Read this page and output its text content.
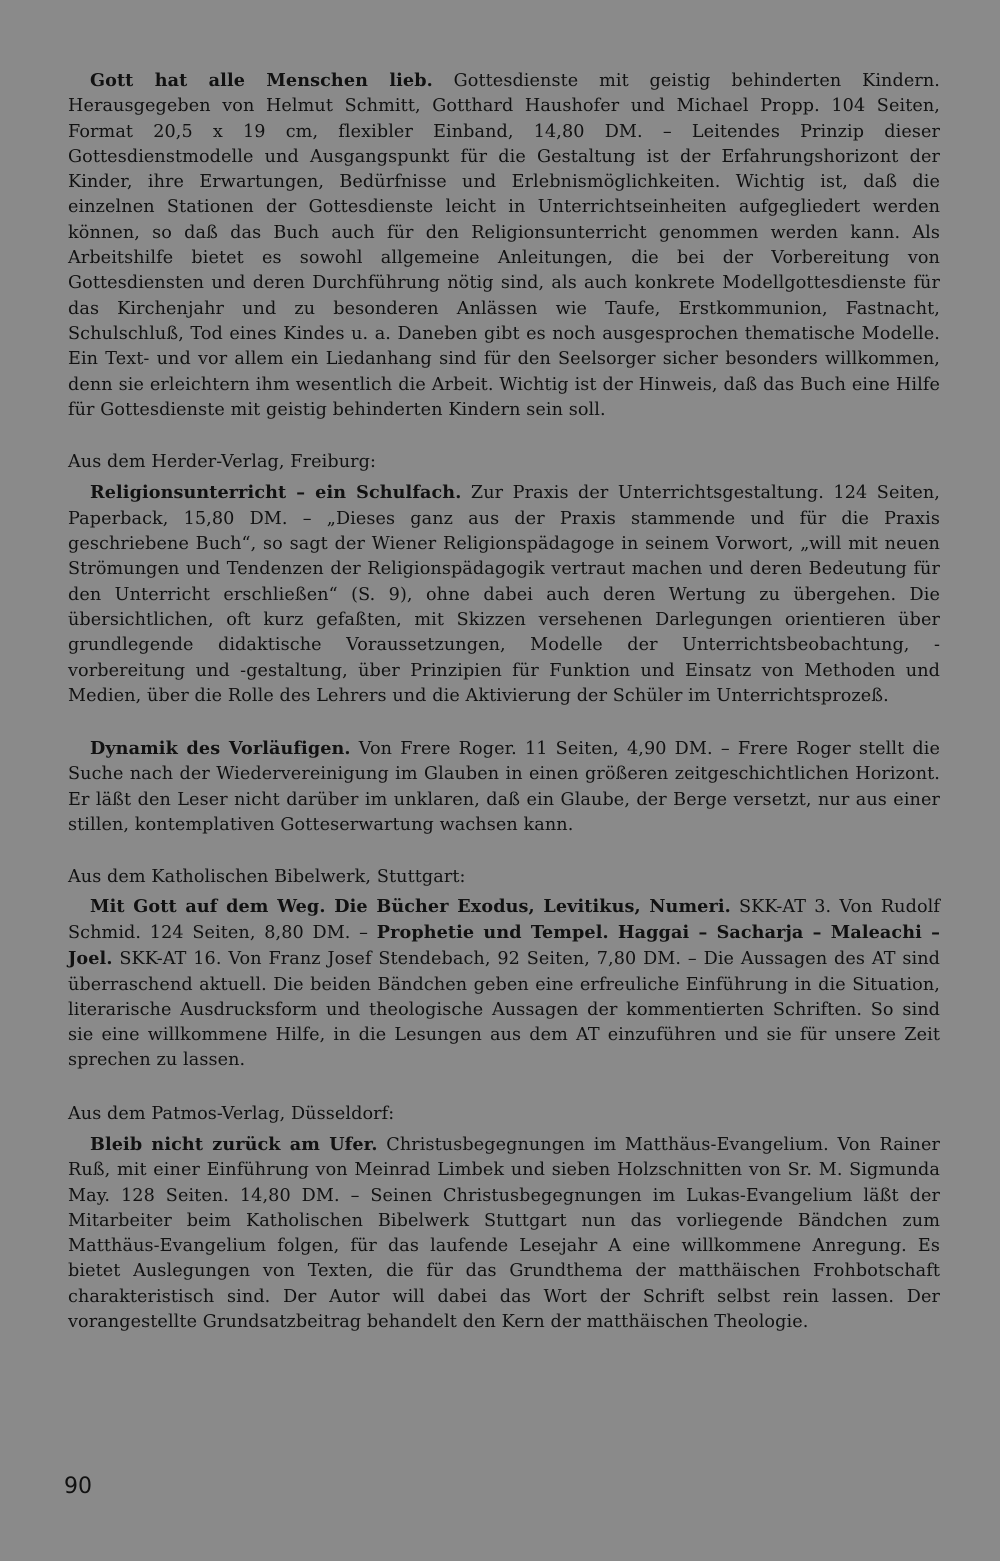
Gott hat alle Menschen lieb. Gottesdienste mit geistig behinderten Kindern. Herausgegeben von Helmut Schmitt, Gotthard Haushofer und Michael Propp. 104 Seiten, Format 20,5 x 19 cm, flexibler Einband, 14,80 DM. – Leitendes Prinzip dieser Gottesdienstmodelle und Ausgangspunkt für die Gestaltung ist der Erfahrungshorizont der Kinder, ihre Erwartungen, Bedürfnisse und Erlebnismöglichkeiten. Wichtig ist, daß die einzelnen Stationen der Gottesdienste leicht in Unterrichtseinheiten aufgegliedert werden können, so daß das Buch auch für den Religionsunterricht genommen werden kann. Als Arbeitshilfe bietet es sowohl allgemeine Anleitungen, die bei der Vorbereitung von Gottesdiensten und deren Durchführung nötig sind, als auch konkrete Modellgottesdienste für das Kirchenjahr und zu besonderen Anlässen wie Taufe, Erstkommunion, Fastnacht, Schulschluß, Tod eines Kindes u. a. Daneben gibt es noch ausgesprochen thematische Modelle. Ein Text- und vor allem ein Liedanhang sind für den Seelsorger sicher besonders willkommen, denn sie erleichtern ihm wesentlich die Arbeit. Wichtig ist der Hinweis, daß das Buch eine Hilfe für Gottesdienste mit geistig behinderten Kindern sein soll.

Aus dem Herder-Verlag, Freiburg:

Religionsunterricht – ein Schulfach. Zur Praxis der Unterrichtsgestaltung. 124 Seiten, Paperback, 15,80 DM. – „Dieses ganz aus der Praxis stammende und für die Praxis geschriebene Buch“, so sagt der Wiener Religionspädagoge in seinem Vorwort, „will mit neuen Strömungen und Tendenzen der Religionspädagogik vertraut machen und deren Bedeutung für den Unterricht erschließen“ (S. 9), ohne dabei auch deren Wertung zu übergehen. Die übersichtlichen, oft kurz gefaßten, mit Skizzen versehenen Darlegungen orientieren über grundlegende didaktische Voraussetzungen, Modelle der Unterrichtsbeobachtung, -vorbereitung und -gestaltung, über Prinzipien für Funktion und Einsatz von Methoden und Medien, über die Rolle des Lehrers und die Aktivierung der Schüler im Unterrichtsprozeß.

Dynamik des Vorläufigen. Von Frere Roger. 11 Seiten, 4,90 DM. – Frere Roger stellt die Suche nach der Wiedervereinigung im Glauben in einen größeren zeitgeschichtlichen Horizont. Er läßt den Leser nicht darüber im unklaren, daß ein Glaube, der Berge versetzt, nur aus einer stillen, kontemplativen Gotteserwartung wachsen kann.

Aus dem Katholischen Bibelwerk, Stuttgart:

Mit Gott auf dem Weg. Die Bücher Exodus, Levitikus, Numeri. SKK-AT 3. Von Rudolf Schmid. 124 Seiten, 8,80 DM. – Prophetie und Tempel. Haggai – Sacharja – Maleachi – Joel. SKK-AT 16. Von Franz Josef Stendebach, 92 Seiten, 7,80 DM. – Die Aussagen des AT sind überraschend aktuell. Die beiden Bändchen geben eine erfreuliche Einführung in die Situation, literarische Ausdrucksform und theologische Aussagen der kommentierten Schriften. So sind sie eine willkommene Hilfe, in die Lesungen aus dem AT einzuführen und sie für unsere Zeit sprechen zu lassen.

Aus dem Patmos-Verlag, Düsseldorf:

Bleib nicht zurück am Ufer. Christusbegegnungen im Matthäus-Evangelium. Von Rainer Ruß, mit einer Einführung von Meinrad Limbek und sieben Holzschnitten von Sr. M. Sigmunda May. 128 Seiten. 14,80 DM. – Seinen Christusbegegnungen im Lukas-Evangelium läßt der Mitarbeiter beim Katholischen Bibelwerk Stuttgart nun das vorliegende Bändchen zum Matthäus-Evangelium folgen, für das laufende Lesejahr A eine willkommene Anregung. Es bietet Auslegungen von Texten, die für das Grundthema der matthäischen Frohbotschaft charakteristisch sind. Der Autor will dabei das Wort der Schrift selbst rein lassen. Der vorangestellte Grundsatzbeitrag behandelt den Kern der matthäischen Theologie.

90
